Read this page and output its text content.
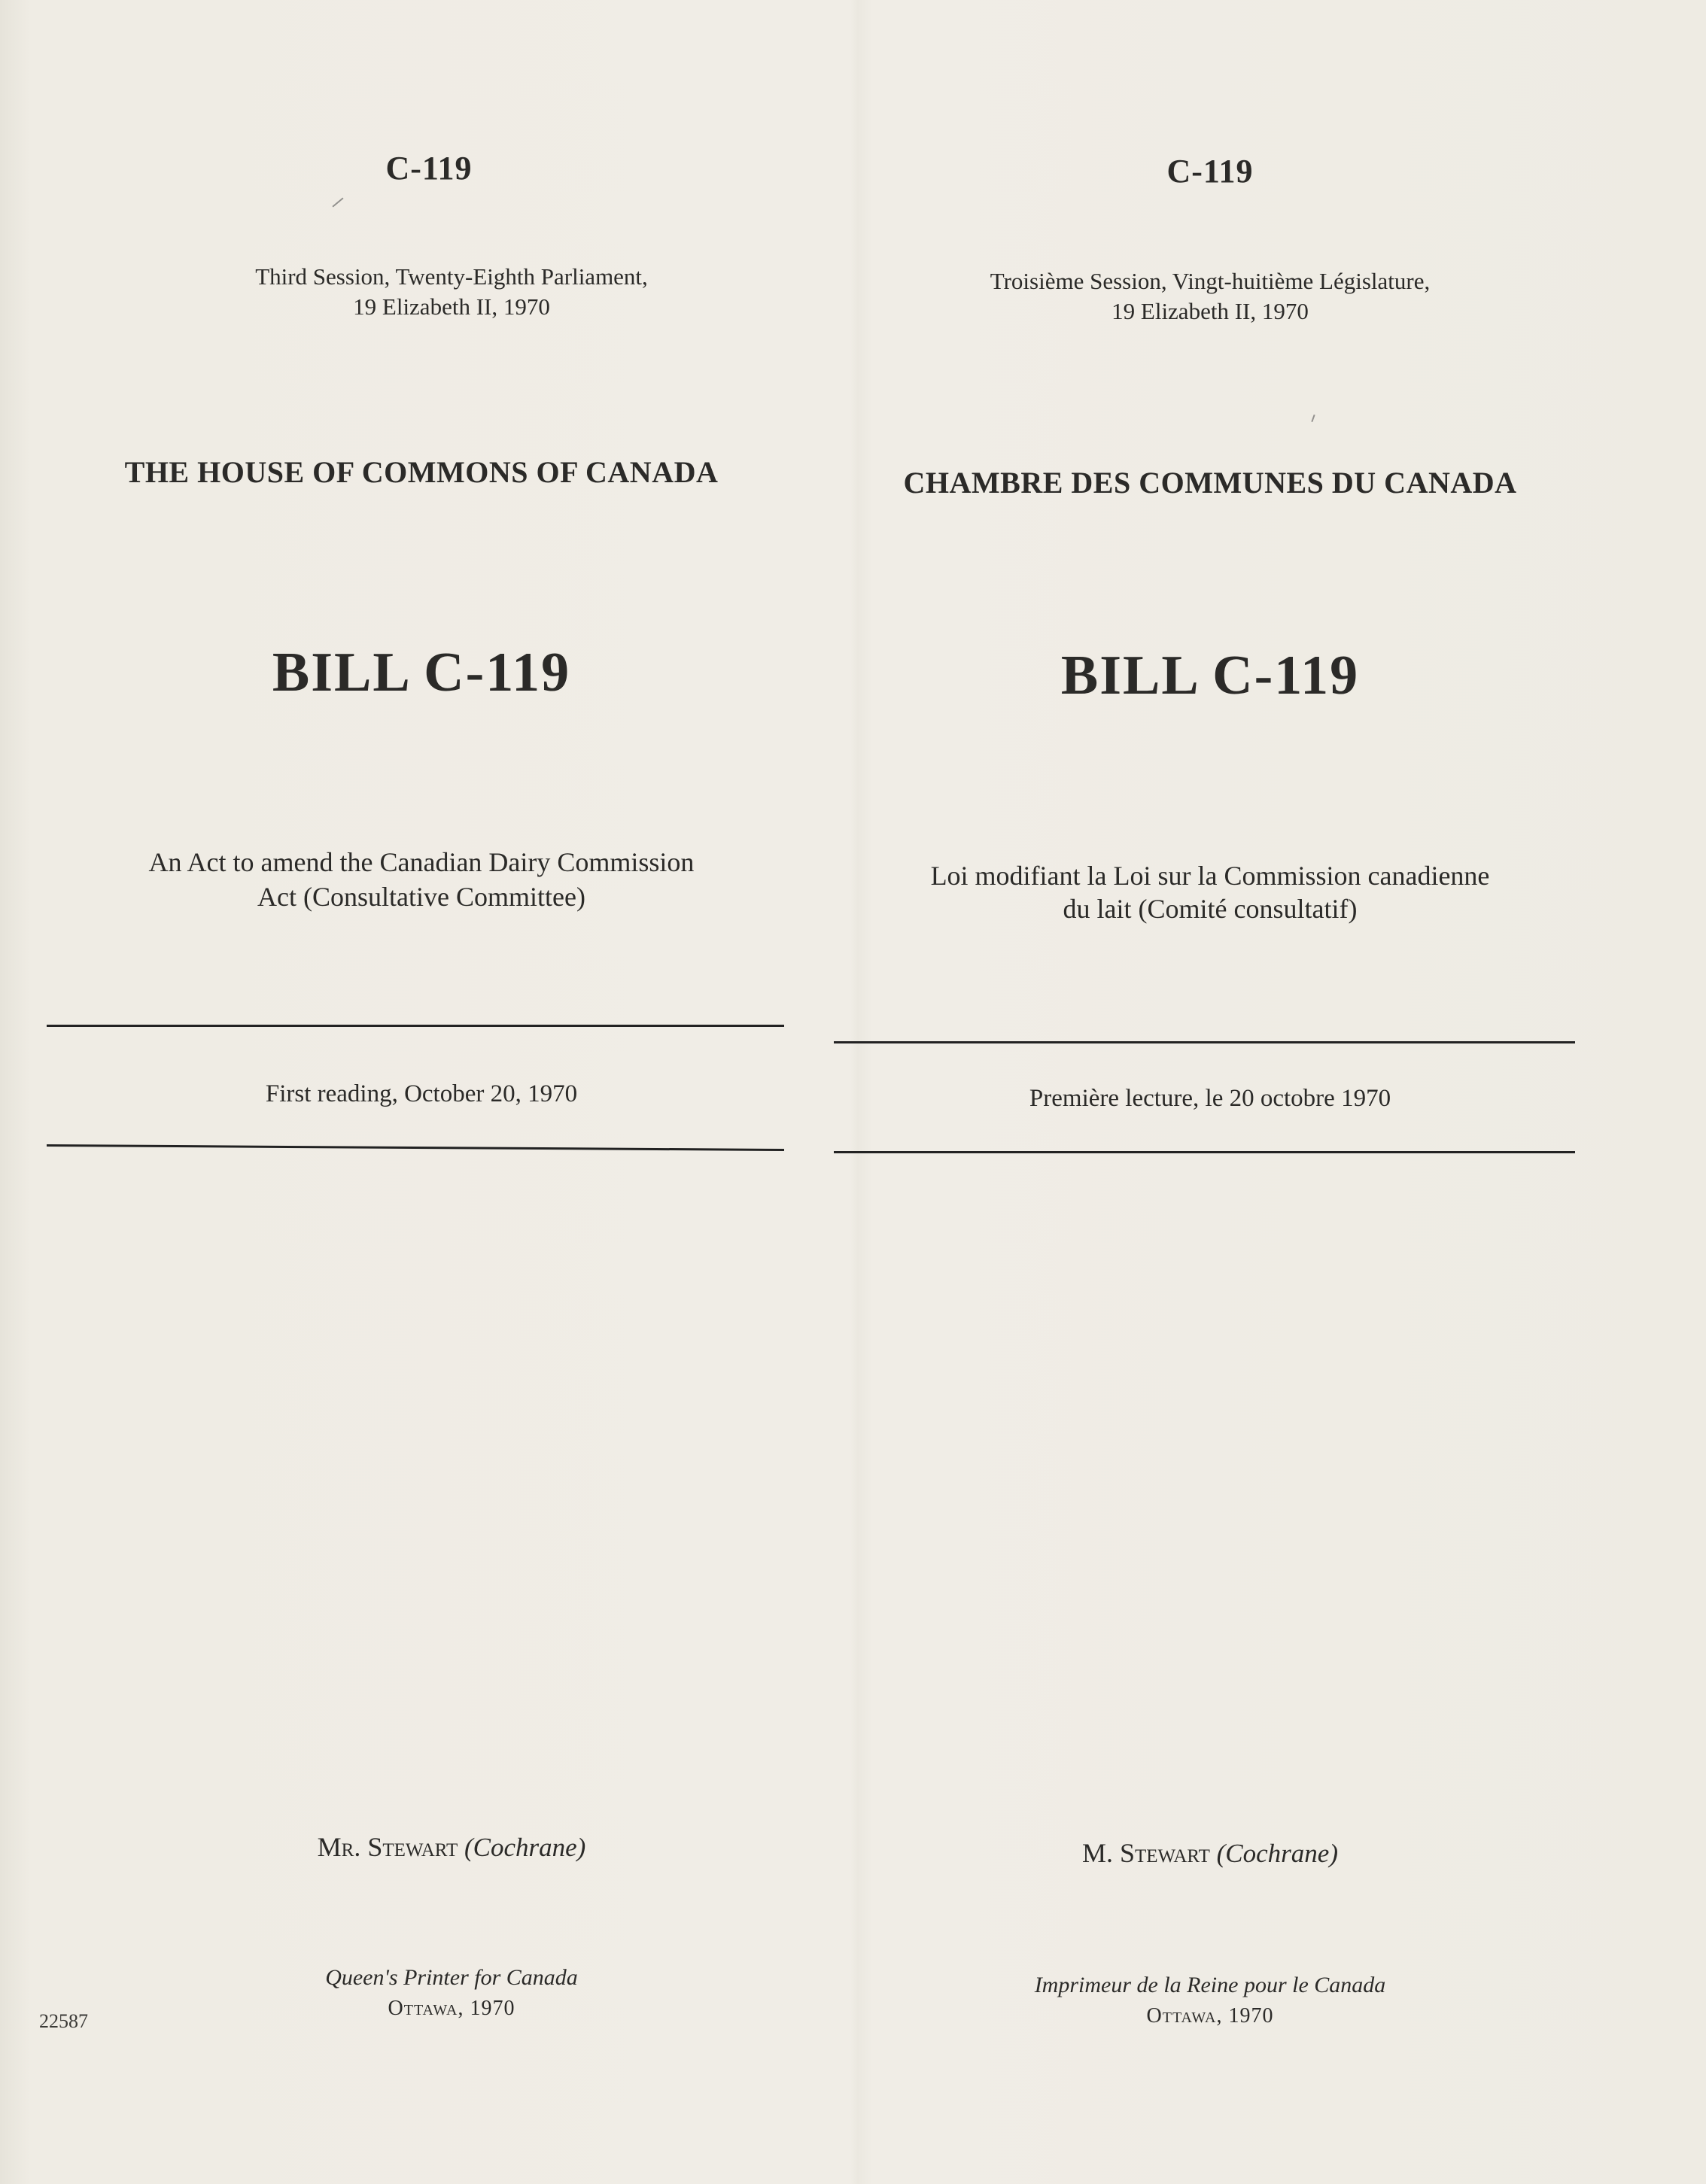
C-119
Third Session, Twenty-Eighth Parliament,
19 Elizabeth II, 1970
THE HOUSE OF COMMONS OF CANADA
BILL C-119
An Act to amend the Canadian Dairy Commission
Act (Consultative Committee)
First reading, October 20, 1970
Mr. Stewart (Cochrane)
Queen's Printer for Canada
Ottawa, 1970
C-119
Troisième Session, Vingt-huitième Législature,
19 Elizabeth II, 1970
CHAMBRE DES COMMUNES DU CANADA
BILL C-119
Loi modifiant la Loi sur la Commission canadienne
du lait (Comité consultatif)
Première lecture, le 20 octobre 1970
M. Stewart (Cochrane)
Imprimeur de la Reine pour le Canada
Ottawa, 1970
22587
